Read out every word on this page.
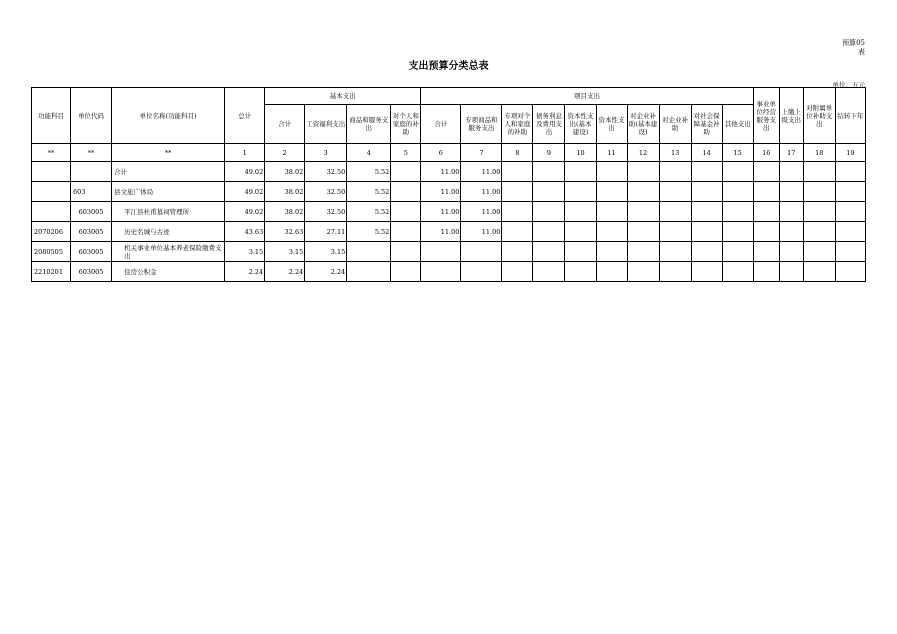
预算05
表
支出预算分类总表
单位：万元
功能科目	单位代码	单位名称(功能科目)	总计	基本支出				项目支出										事业单位经营服务支出	上缴上级支出	对附属单位补助支出	结转下年
				合计	工资福利支出	商品和服务支出	对个人和家庭的补助	合计	专项商品和服务支出	专项对个人和家庭的补助	债务利息及费用支出	资本性支出(基本建设)	资本性支出	对企业补助(基本建设)	对企业补助	对社会保障基金补助	其他支出				
**	**	**	1	2	3	4	5	6	7	8	9	10	11	12	13	14	15	16	17	18	19
		合计	49.02	38.02	32.50	5.52		11.00	11.00												
	603	县文旅广体局	49.02	38.02	32.50	5.52		11.00	11.00												
	603005	平江县杜甫墓祠管理所	49.02	38.02	32.50	5.52		11.00	11.00												
2070206	603005	历史名城与古迹	43.63	32.63	27.11	5.52		11.00	11.00												
2080505	603005	机关事业单位基本养老保险缴费支出	3.15	3.15	3.15																
2210201	603005	住房公积金	2.24	2.24	2.24																
